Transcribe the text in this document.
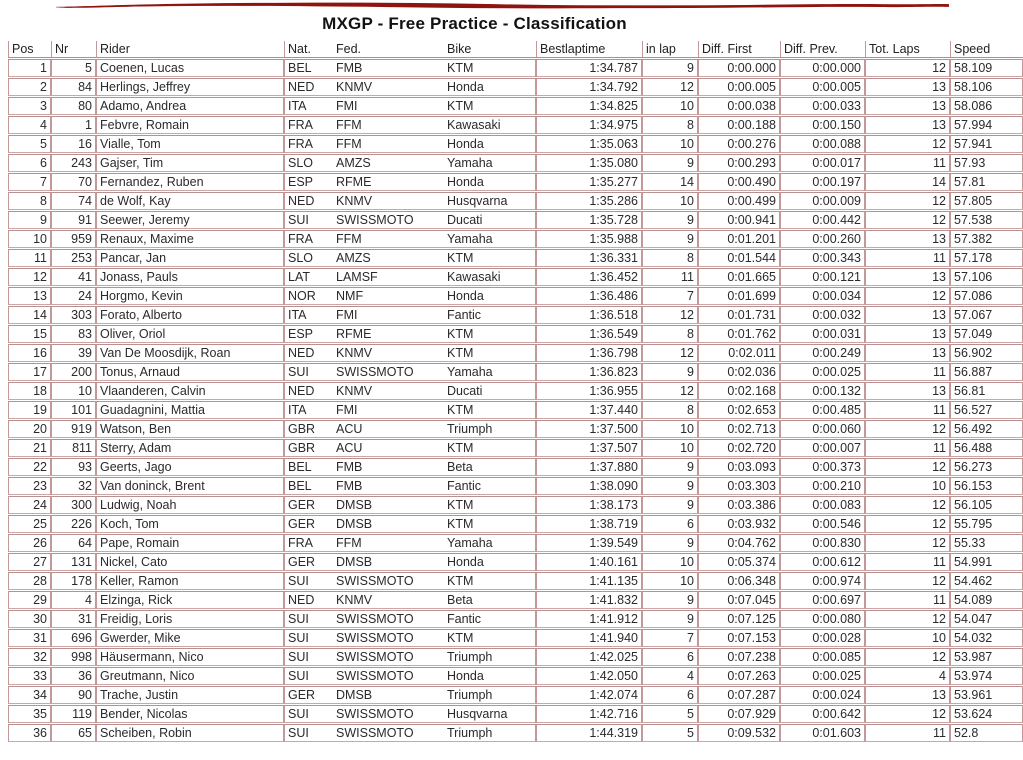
MXGP - Free Practice - Classification
Pos	Nr	Rider	Nat.	Fed.	Bike	Bestlaptime	in lap	Diff. First	Diff. Prev.	Tot. Laps	Speed
1	5	Coenen, Lucas	BEL	FMB	KTM	1:34.787	9	0:00.000	0:00.000	12	58.109
2	84	Herlings, Jeffrey	NED	KNMV	Honda	1:34.792	12	0:00.005	0:00.005	13	58.106
3	80	Adamo, Andrea	ITA	FMI	KTM	1:34.825	10	0:00.038	0:00.033	13	58.086
4	1	Febvre, Romain	FRA	FFM	Kawasaki	1:34.975	8	0:00.188	0:00.150	13	57.994
5	16	Vialle, Tom	FRA	FFM	Honda	1:35.063	10	0:00.276	0:00.088	12	57.941
6	243	Gajser, Tim	SLO	AMZS	Yamaha	1:35.080	9	0:00.293	0:00.017	11	57.93
7	70	Fernandez, Ruben	ESP	RFME	Honda	1:35.277	14	0:00.490	0:00.197	14	57.81
8	74	de Wolf, Kay	NED	KNMV	Husqvarna	1:35.286	10	0:00.499	0:00.009	12	57.805
9	91	Seewer, Jeremy	SUI	SWISSMOTO	Ducati	1:35.728	9	0:00.941	0:00.442	12	57.538
10	959	Renaux, Maxime	FRA	FFM	Yamaha	1:35.988	9	0:01.201	0:00.260	13	57.382
11	253	Pancar, Jan	SLO	AMZS	KTM	1:36.331	8	0:01.544	0:00.343	11	57.178
12	41	Jonass, Pauls	LAT	LAMSF	Kawasaki	1:36.452	11	0:01.665	0:00.121	13	57.106
13	24	Horgmo, Kevin	NOR	NMF	Honda	1:36.486	7	0:01.699	0:00.034	12	57.086
14	303	Forato, Alberto	ITA	FMI	Fantic	1:36.518	12	0:01.731	0:00.032	13	57.067
15	83	Oliver, Oriol	ESP	RFME	KTM	1:36.549	8	0:01.762	0:00.031	13	57.049
16	39	Van De Moosdijk, Roan	NED	KNMV	KTM	1:36.798	12	0:02.011	0:00.249	13	56.902
17	200	Tonus, Arnaud	SUI	SWISSMOTO	Yamaha	1:36.823	9	0:02.036	0:00.025	11	56.887
18	10	Vlaanderen, Calvin	NED	KNMV	Ducati	1:36.955	12	0:02.168	0:00.132	13	56.81
19	101	Guadagnini, Mattia	ITA	FMI	KTM	1:37.440	8	0:02.653	0:00.485	11	56.527
20	919	Watson, Ben	GBR	ACU	Triumph	1:37.500	10	0:02.713	0:00.060	12	56.492
21	811	Sterry, Adam	GBR	ACU	KTM	1:37.507	10	0:02.720	0:00.007	11	56.488
22	93	Geerts, Jago	BEL	FMB	Beta	1:37.880	9	0:03.093	0:00.373	12	56.273
23	32	Van doninck, Brent	BEL	FMB	Fantic	1:38.090	9	0:03.303	0:00.210	10	56.153
24	300	Ludwig, Noah	GER	DMSB	KTM	1:38.173	9	0:03.386	0:00.083	12	56.105
25	226	Koch, Tom	GER	DMSB	KTM	1:38.719	6	0:03.932	0:00.546	12	55.795
26	64	Pape, Romain	FRA	FFM	Yamaha	1:39.549	9	0:04.762	0:00.830	12	55.33
27	131	Nickel, Cato	GER	DMSB	Honda	1:40.161	10	0:05.374	0:00.612	11	54.991
28	178	Keller, Ramon	SUI	SWISSMOTO	KTM	1:41.135	10	0:06.348	0:00.974	12	54.462
29	4	Elzinga, Rick	NED	KNMV	Beta	1:41.832	9	0:07.045	0:00.697	11	54.089
30	31	Freidig, Loris	SUI	SWISSMOTO	Fantic	1:41.912	9	0:07.125	0:00.080	12	54.047
31	696	Gwerder, Mike	SUI	SWISSMOTO	KTM	1:41.940	7	0:07.153	0:00.028	10	54.032
32	998	Häusermann, Nico	SUI	SWISSMOTO	Triumph	1:42.025	6	0:07.238	0:00.085	12	53.987
33	36	Greutmann, Nico	SUI	SWISSMOTO	Honda	1:42.050	4	0:07.263	0:00.025	4	53.974
34	90	Trache, Justin	GER	DMSB	Triumph	1:42.074	6	0:07.287	0:00.024	13	53.961
35	119	Bender, Nicolas	SUI	SWISSMOTO	Husqvarna	1:42.716	5	0:07.929	0:00.642	12	53.624
36	65	Scheiben, Robin	SUI	SWISSMOTO	Triumph	1:44.319	5	0:09.532	0:01.603	11	52.8
